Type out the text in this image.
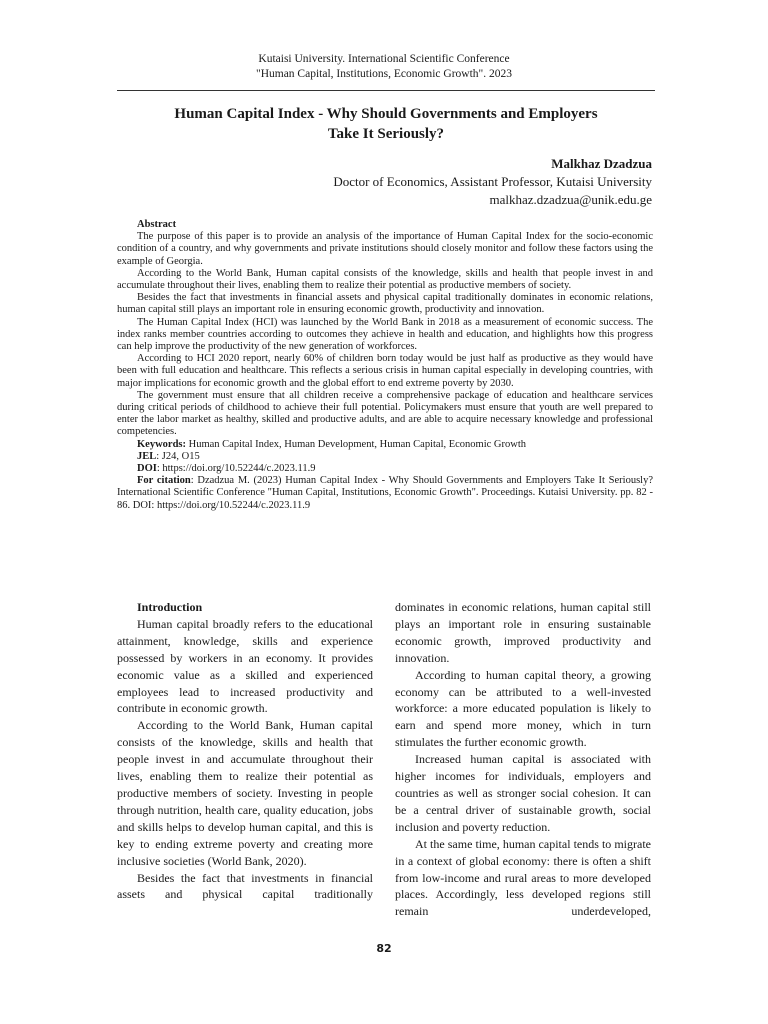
Kutaisi University. International Scientific Conference
"Human Capital, Institutions, Economic Growth". 2023
Human Capital Index - Why Should Governments and Employers
Take It Seriously?
Malkhaz Dzadzua
Doctor of Economics, Assistant Professor, Kutaisi University
malkhaz.dzadzua@unik.edu.ge

Abstract

The purpose of this paper is to provide an analysis of the importance of Human Capital Index for the socio-economic condition of a country, and why governments and private institutions should closely monitor and follow these factors using the example of Georgia.

According to the World Bank, Human capital consists of the knowledge, skills and health that people invest in and accumulate throughout their lives, enabling them to realize their potential as productive members of society.

Besides the fact that investments in financial assets and physical capital traditionally dominates in economic relations, human capital still plays an important role in ensuring economic growth, productivity and innovation.

The Human Capital Index (HCI) was launched by the World Bank in 2018 as a measurement of economic success. The index ranks member countries according to outcomes they achieve in health and education, and highlights how this progress can help improve the productivity of the new generation of workforces.

According to HCI 2020 report, nearly 60% of children born today would be just half as productive as they would have been with full education and healthcare. This reflects a serious crisis in human capital especially in developing countries, with major implications for economic growth and the global effort to end extreme poverty by 2030.

The government must ensure that all children receive a comprehensive package of education and healthcare services during critical periods of childhood to achieve their full potential. Policymakers must ensure that youth are well prepared to enter the labor market as healthy, skilled and productive adults, and are able to acquire necessary knowledge and professional competencies.

Keywords: Human Capital Index, Human Development, Human Capital, Economic Growth

JEL: J24, O15

DOI: https://doi.org/10.52244/c.2023.11.9

For citation: Dzadzua M. (2023) Human Capital Index - Why Should Governments and Employers Take It Seriously? International Scientific Conference "Human Capital, Institutions, Economic Growth". Proceedings. Kutaisi University. pp. 82 - 86. DOI: https://doi.org/10.52244/c.2023.11.9

Introduction

Human capital broadly refers to the educational attainment, knowledge, skills and experience possessed by workers in an economy. It provides economic value as a skilled and experienced employees lead to increased productivity and contribute in economic growth.

According to the World Bank, Human capital consists of the knowledge, skills and health that people invest in and accumulate throughout their lives, enabling them to realize their potential as productive members of society. Investing in people through nutrition, health care, quality education, jobs and skills helps to develop human capital, and this is key to ending extreme poverty and creating more inclusive societies (World Bank, 2020).

Besides the fact that investments in financial assets and physical capital traditionally

dominates in economic relations, human capital still plays an important role in ensuring sustainable economic growth, improved productivity and innovation.

According to human capital theory, a growing economy can be attributed to a well-invested workforce: a more educated population is likely to earn and spend more money, which in turn stimulates the further economic growth.

Increased human capital is associated with higher incomes for individuals, employers and countries as well as stronger social cohesion. It can be a central driver of sustainable growth, social inclusion and poverty reduction.

At the same time, human capital tends to migrate in a context of global economy: there is often a shift from low-income and rural areas to more developed places. Accordingly, less developed regions still remain underdeveloped,

82
